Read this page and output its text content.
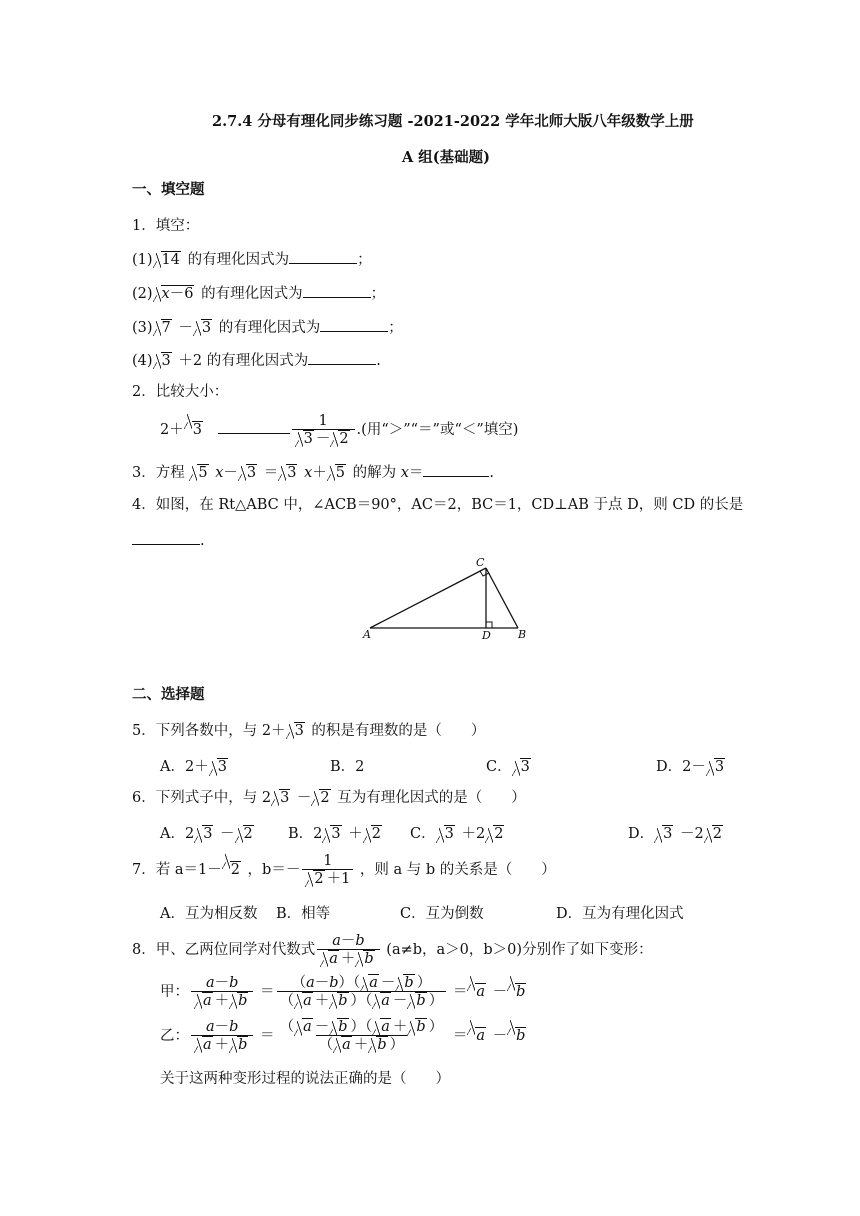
2.7.4 分母有理化同步练习题 -2021-2022 学年北师大版八年级数学上册
A 组(基础题)
一、填空题
1．填空：
(1) 14 的有理化因式为	；
(2) x－6 的有理化因式为	；
(3) 7 － 3 的有理化因式为	；
(4) 3 ＋2 的有理化因式为	.
2．比较大小：
2＋ 3	$\frac{1}{3 - 2}$ .(用“＞”“＝”或“＜”填空)
3．方程 5 x－ 3 ＝ 3 x＋ 5 的解为 x＝	.
4．如图，在 Rt△ABC 中，∠ACB＝90°，AC＝2，BC＝1，CD⊥AB 于点 D，则 CD 的长是
.
A	B
C
D
二、选择题
5．下列各数中，与 2＋ 3 的积是有理数的是（　　）
A．2＋ 3	B．2	C． 3	D．2－ 3
6．下列式子中，与 2 3 － 2 互为有理化因式的是（　　）
A．2 3 － 2 B．2 3 ＋ 2 C． 3 ＋2 2	D． 3 －2 2
7．若 a＝1－ 2 ，$b=- \frac{1}{2 +1}$ ，则 a 与 b 的关系是（　　）
A．互为相反数 B．相等	C．互为倒数	D．互为有理化因式
8．甲、乙两位同学对代数式 $\frac{a-b}{a + b} (a\ne b$，a＞0，b＞0)分别作了如下变形：
甲： $\frac{a-b}{a + b} = \frac{(a-b)( a - b )}{( a + b )( a - b )} = a - b$
乙： $\frac{a-b}{a + b} = \frac{( a - b )( a + b )}{( a + b )} = a - b$
关于这两种变形过程的说法正确的是（　　）
